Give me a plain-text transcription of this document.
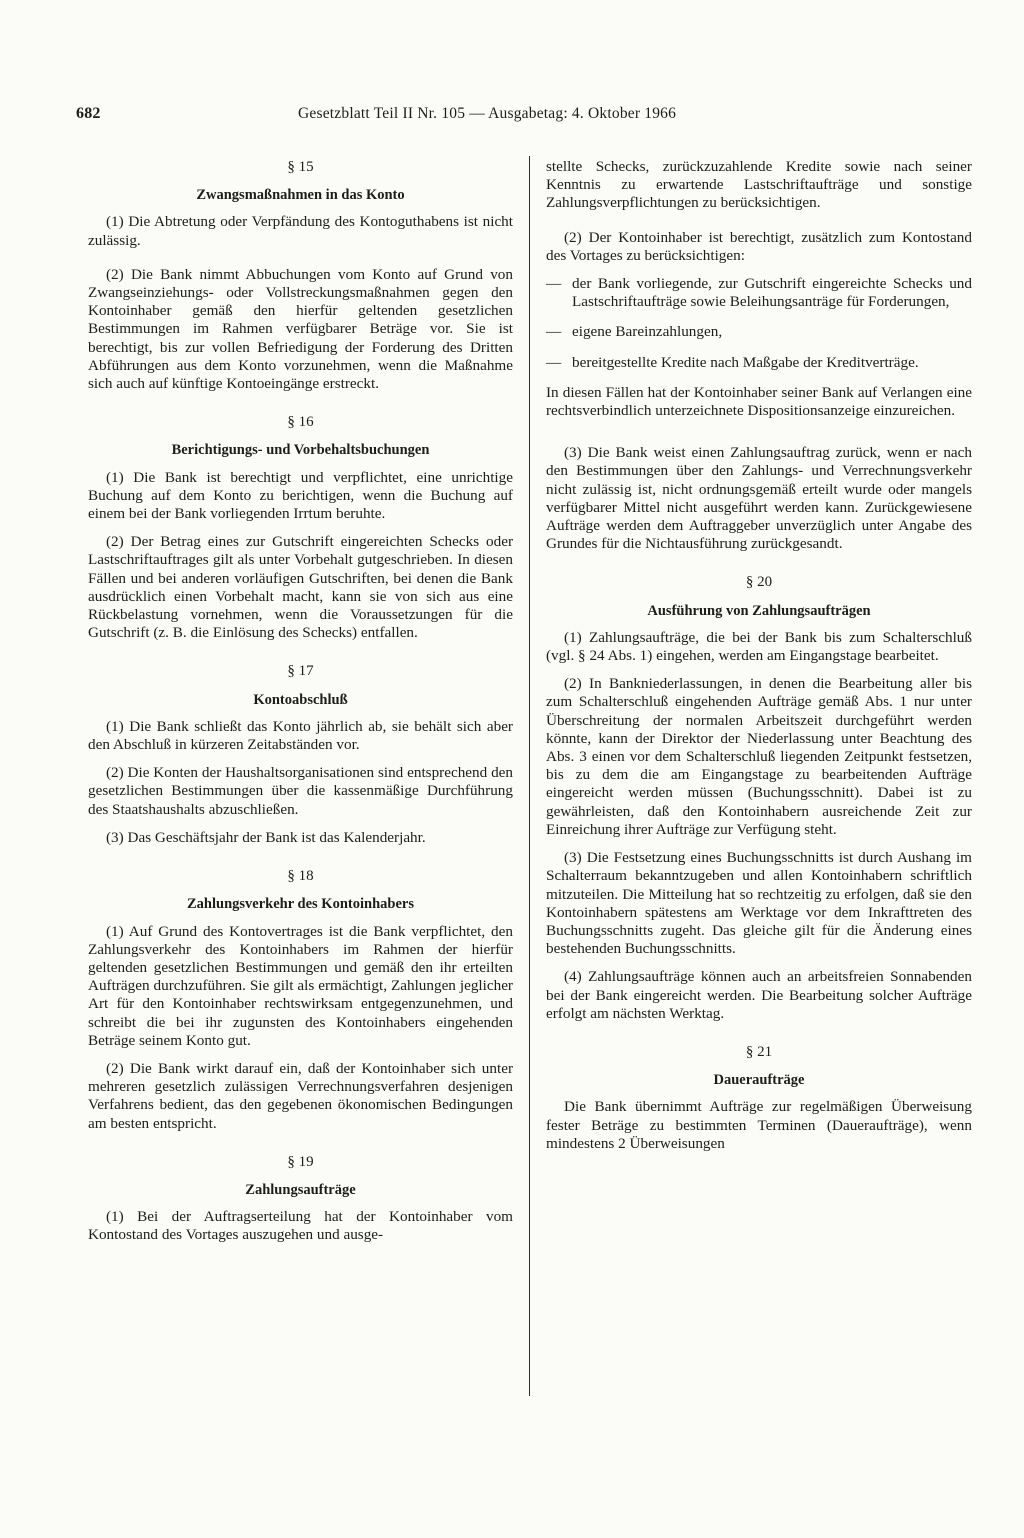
682	Gesetzblatt Teil II Nr. 105 — Ausgabetag: 4. Oktober 1966
§ 15
Zwangsmaßnahmen in das Konto

(1) Die Abtretung oder Verpfändung des Kontoguthabens ist nicht zulässig.

(2) Die Bank nimmt Abbuchungen vom Konto auf Grund von Zwangseinziehungs- oder Vollstreckungsmaßnahmen gegen den Kontoinhaber gemäß den hierfür geltenden gesetzlichen Bestimmungen im Rahmen verfügbarer Beträge vor. Sie ist berechtigt, bis zur vollen Befriedigung der Forderung des Dritten Abführungen aus dem Konto vorzunehmen, wenn die Maßnahme sich auch auf künftige Kontoeingänge erstreckt.

§ 16
Berichtigungs- und Vorbehaltsbuchungen

(1) Die Bank ist berechtigt und verpflichtet, eine unrichtige Buchung auf dem Konto zu berichtigen, wenn die Buchung auf einem bei der Bank vorliegenden Irrtum beruhte.

(2) Der Betrag eines zur Gutschrift eingereichten Schecks oder Lastschriftauftrages gilt als unter Vorbehalt gutgeschrieben. In diesen Fällen und bei anderen vorläufigen Gutschriften, bei denen die Bank ausdrücklich einen Vorbehalt macht, kann sie von sich aus eine Rückbelastung vornehmen, wenn die Voraussetzungen für die Gutschrift (z. B. die Einlösung des Schecks) entfallen.

§ 17
Kontoabschluß

(1) Die Bank schließt das Konto jährlich ab, sie behält sich aber den Abschluß in kürzeren Zeitabständen vor.

(2) Die Konten der Haushaltsorganisationen sind entsprechend den gesetzlichen Bestimmungen über die kassenmäßige Durchführung des Staatshaushalts abzuschließen.

(3) Das Geschäftsjahr der Bank ist das Kalenderjahr.

§ 18
Zahlungsverkehr des Kontoinhabers

(1) Auf Grund des Kontovertrages ist die Bank verpflichtet, den Zahlungsverkehr des Kontoinhabers im Rahmen der hierfür geltenden gesetzlichen Bestimmungen und gemäß den ihr erteilten Aufträgen durchzuführen. Sie gilt als ermächtigt, Zahlungen jeglicher Art für den Kontoinhaber rechtswirksam entgegenzunehmen, und schreibt die bei ihr zugunsten des Kontoinhabers eingehenden Beträge seinem Konto gut.

(2) Die Bank wirkt darauf ein, daß der Kontoinhaber sich unter mehreren gesetzlich zulässigen Verrechnungsverfahren desjenigen Verfahrens bedient, das den gegebenen ökonomischen Bedingungen am besten entspricht.

§ 19
Zahlungsaufträge

(1) Bei der Auftragserteilung hat der Kontoinhaber vom Kontostand des Vortages auszugehen und ausge-

stellte Schecks, zurückzuzahlende Kredite sowie nach seiner Kenntnis zu erwartende Lastschriftaufträge und sonstige Zahlungsverpflichtungen zu berücksichtigen.

(2) Der Kontoinhaber ist berechtigt, zusätzlich zum Kontostand des Vortages zu berücksichtigen:

— der Bank vorliegende, zur Gutschrift eingereichte Schecks und Lastschriftaufträge sowie Beleihungsanträge für Forderungen,
— eigene Bareinzahlungen,
— bereitgestellte Kredite nach Maßgabe der Kreditverträge.

In diesen Fällen hat der Kontoinhaber seiner Bank auf Verlangen eine rechtsverbindlich unterzeichnete Dispositionsanzeige einzureichen.

(3) Die Bank weist einen Zahlungsauftrag zurück, wenn er nach den Bestimmungen über den Zahlungs- und Verrechnungsverkehr nicht zulässig ist, nicht ordnungsgemäß erteilt wurde oder mangels verfügbarer Mittel nicht ausgeführt werden kann. Zurückgewiesene Aufträge werden dem Auftraggeber unverzüglich unter Angabe des Grundes für die Nichtausführung zurückgesandt.

§ 20
Ausführung von Zahlungsaufträgen

(1) Zahlungsaufträge, die bei der Bank bis zum Schalterschluß (vgl. § 24 Abs. 1) eingehen, werden am Eingangstage bearbeitet.

(2) In Bankniederlassungen, in denen die Bearbeitung aller bis zum Schalterschluß eingehenden Aufträge gemäß Abs. 1 nur unter Überschreitung der normalen Arbeitszeit durchgeführt werden könnte, kann der Direktor der Niederlassung unter Beachtung des Abs. 3 einen vor dem Schalterschluß liegenden Zeitpunkt festsetzen, bis zu dem die am Eingangstage zu bearbeitenden Aufträge eingereicht werden müssen (Buchungsschnitt). Dabei ist zu gewährleisten, daß den Kontoinhabern ausreichende Zeit zur Einreichung ihrer Aufträge zur Verfügung steht.

(3) Die Festsetzung eines Buchungsschnitts ist durch Aushang im Schalterraum bekanntzugeben und allen Kontoinhabern schriftlich mitzuteilen. Die Mitteilung hat so rechtzeitig zu erfolgen, daß sie den Kontoinhabern spätestens am Werktage vor dem Inkrafttreten des Buchungsschnitts zugeht. Das gleiche gilt für die Änderung eines bestehenden Buchungsschnitts.

(4) Zahlungsaufträge können auch an arbeitsfreien Sonnabenden bei der Bank eingereicht werden. Die Bearbeitung solcher Aufträge erfolgt am nächsten Werktag.

§ 21
Daueraufträge

Die Bank übernimmt Aufträge zur regelmäßigen Überweisung fester Beträge zu bestimmten Terminen (Daueraufträge), wenn mindestens 2 Überweisungen
